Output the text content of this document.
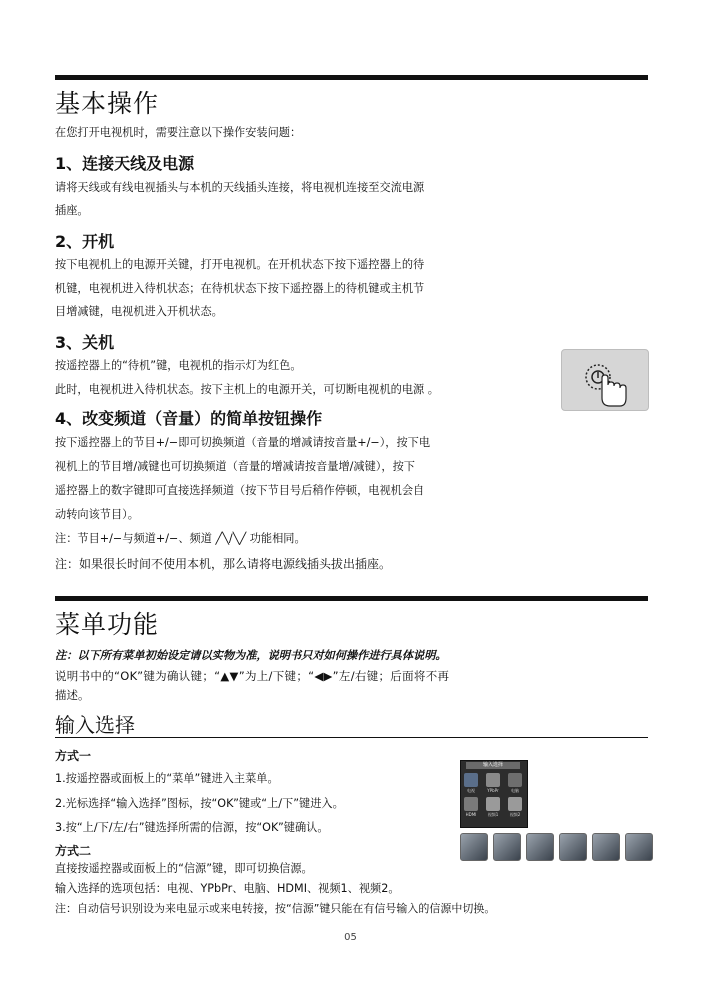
基本操作
在您打开电视机时，需要注意以下操作安装问题：
1、连接天线及电源
请将天线或有线电视插头与本机的天线插头连接，将电视机连接至交流电源
插座。
2、开机
按下电视机上的电源开关键，打开电视机。在开机状态下按下遥控器上的待
机键，电视机进入待机状态；在待机状态下按下遥控器上的待机键或主机节
目增减键，电视机进入开机状态。
3、关机
按遥控器上的“待机”键，电视机的指示灯为红色。
此时，电视机进入待机状态。按下主机上的电源开关，可切断电视机的电源 。
4、改变频道（音量）的简单按钮操作
按下遥控器上的节目+/−即可切换频道（音量的增减请按音量+/−），按下电
视机上的节目增/减键也可切换频道（音量的增减请按音量增/减键），按下
遥控器上的数字键即可直接选择频道（按下节目号后稍作停顿，电视机会自
动转向该节目）。
注：节目+/−与频道+/−、频道 ╱╲/╲╱ 功能相同。
注：如果很长时间不使用本机，那么请将电源线插头拔出插座。
菜单功能
注：以下所有菜单初始设定请以实物为准，说明书只对如何操作进行具体说明。
说明书中的“OK”键为确认键；“▲▼”为上/下键；“◀▶”左/右键；后面将不再
描述。
输入选择
方式一
1.按遥控器或面板上的“菜单”键进入主菜单。
2.光标选择“输入选择”图标，按“OK”键或“上/下”键进入。
3.按“上/下/左/右”键选择所需的信源，按“OK”键确认。
方式二
直接按遥控器或面板上的“信源”键，即可切换信源。
输入选择的选项包括：电视、YPbPr、电脑、HDMI、视频1、视频2。
注：自动信号识别设为来电显示或来电转接，按“信源”键只能在有信号输入的信源中切换。
输入选择
电视	YPbPr	电脑
HDMI	视频1	视频2
05
